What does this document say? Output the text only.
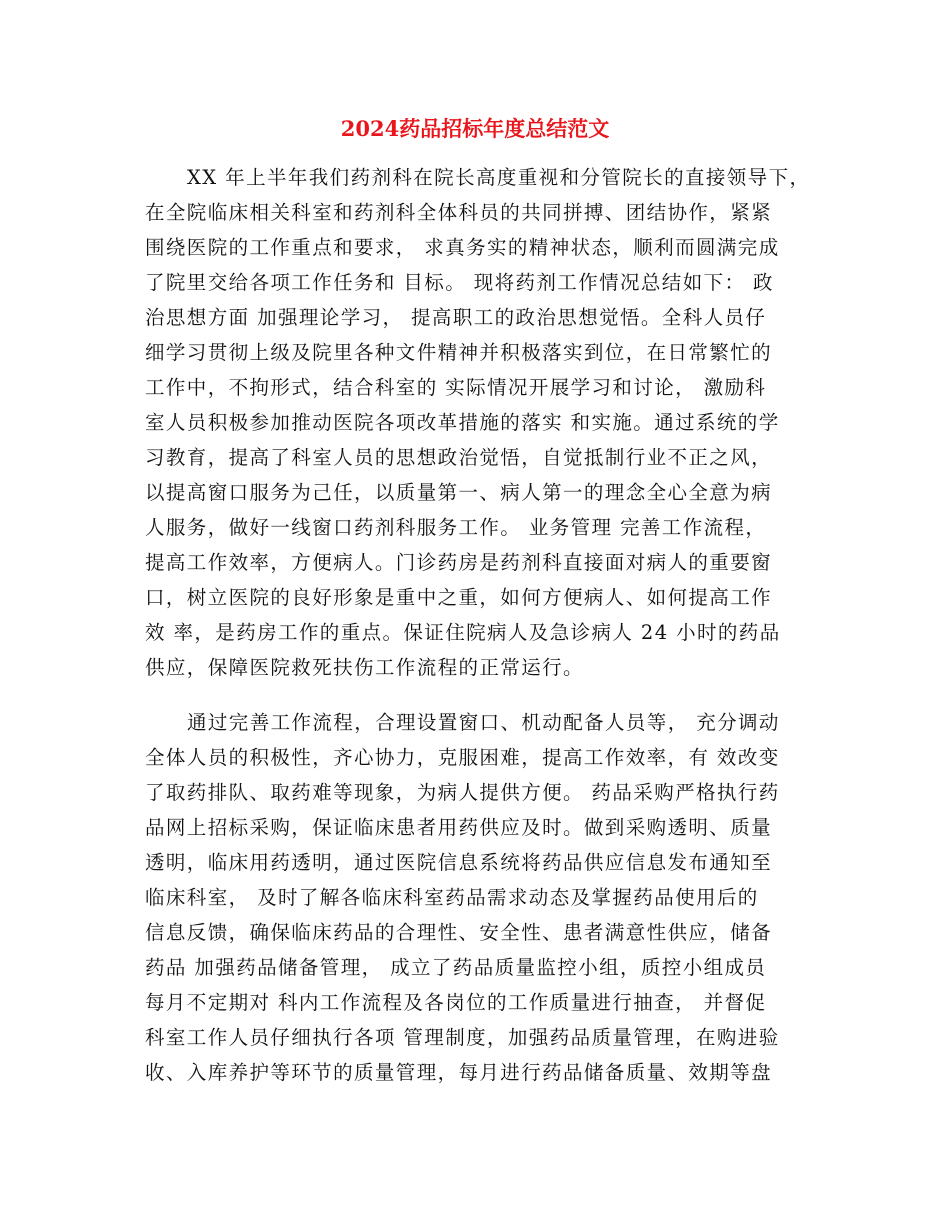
2024药品招标年度总结范文
XX 年上半年我们药剂科在院长高度重视和分管院长的直接领导下，
在全院临床相关科室和药剂科全体科员的共同拼搏、团结协作，紧紧
围绕医院的工作重点和要求， 求真务实的精神状态，顺利而圆满完成
了院里交给各项工作任务和 目标。 现将药剂工作情况总结如下： 政
治思想方面 加强理论学习， 提高职工的政治思想觉悟。全科人员仔
细学习贯彻上级及院里各种文件精神并积极落实到位，在日常繁忙的
工作中，不拘形式，结合科室的 实际情况开展学习和讨论， 激励科
室人员积极参加推动医院各项改革措施的落实 和实施。通过系统的学
习教育，提高了科室人员的思想政治觉悟，自觉抵制行业不正之风，
以提高窗口服务为己任，以质量第一、病人第一的理念全心全意为病
人服务，做好一线窗口药剂科服务工作。 业务管理 完善工作流程，
提高工作效率，方便病人。门诊药房是药剂科直接面对病人的重要窗
口，树立医院的良好形象是重中之重，如何方便病人、如何提高工作
效 率，是药房工作的重点。保证住院病人及急诊病人 24 小时的药品
供应，保障医院救死扶伤工作流程的正常运行。
通过完善工作流程，合理设置窗口、机动配备人员等， 充分调动
全体人员的积极性，齐心协力，克服困难，提高工作效率，有 效改变
了取药排队、取药难等现象，为病人提供方便。 药品采购严格执行药
品网上招标采购，保证临床患者用药供应及时。做到采购透明、质量
透明，临床用药透明，通过医院信息系统将药品供应信息发布通知至
临床科室， 及时了解各临床科室药品需求动态及掌握药品使用后的
信息反馈，确保临床药品的合理性、安全性、患者满意性供应，储备
药品 加强药品储备管理， 成立了药品质量监控小组，质控小组成员
每月不定期对 科内工作流程及各岗位的工作质量进行抽查， 并督促
科室工作人员仔细执行各项 管理制度，加强药品质量管理，在购进验
收、入库养护等环节的质量管理，每月进行药品储备质量、效期等盘
